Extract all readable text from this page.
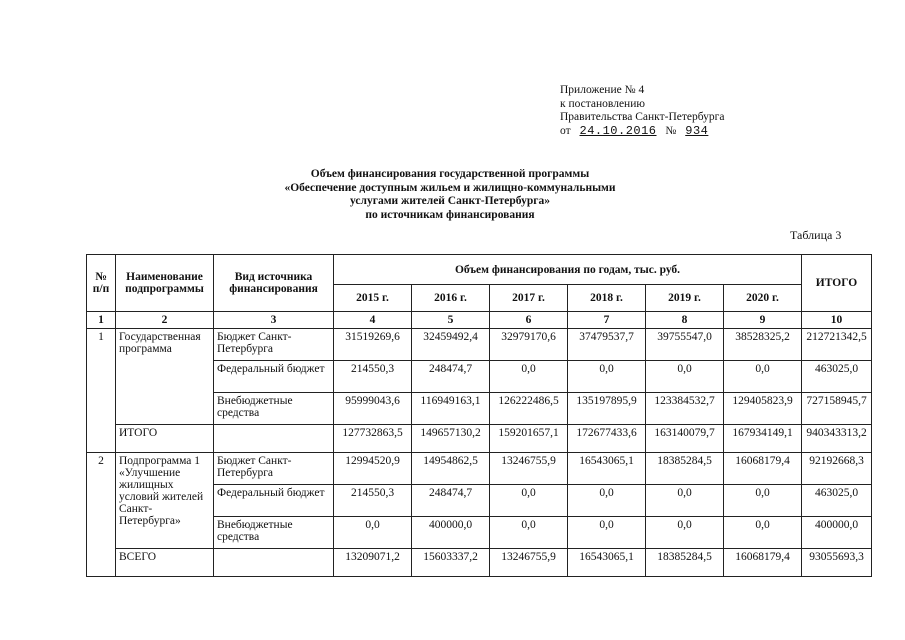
Приложение № 4
к постановлению
Правительства Санкт-Петербурга
от 24.10.2016 № 934
Объем финансирования государственной программы
«Обеспечение доступным жильем и жилищно-коммунальными
услугами жителей Санкт-Петербурга»
по источникам финансирования
Таблица 3
№ п/п	Наименование подпрограммы	Вид источника финансирования	Объем финансирования по годам, тыс. руб.						ИТОГО
			2015 г.	2016 г.	2017 г.	2018 г.	2019 г.	2020 г.	
1	2	3	4	5	6	7	8	9	10
1	Государственная программа	Бюджет Санкт-Петербурга	31519269,6	32459492,4	32979170,6	37479537,7	39755547,0	38528325,2	212721342,5
		Федеральный бюджет	214550,3	248474,7	0,0	0,0	0,0	0,0	463025,0
		Внебюджетные средства	95999043,6	116949163,1	126222486,5	135197895,9	123384532,7	129405823,9	727158945,7
	ИТОГО		127732863,5	149657130,2	159201657,1	172677433,6	163140079,7	167934149,1	940343313,2
2	Подпрограмма 1 «Улучшение жилищных условий жителей Санкт-Петербурга»	Бюджет Санкт-Петербурга	12994520,9	14954862,5	13246755,9	16543065,1	18385284,5	16068179,4	92192668,3
		Федеральный бюджет	214550,3	248474,7	0,0	0,0	0,0	0,0	463025,0
		Внебюджетные средства	0,0	400000,0	0,0	0,0	0,0	0,0	400000,0
	ВСЕГО		13209071,2	15603337,2	13246755,9	16543065,1	18385284,5	16068179,4	93055693,3
